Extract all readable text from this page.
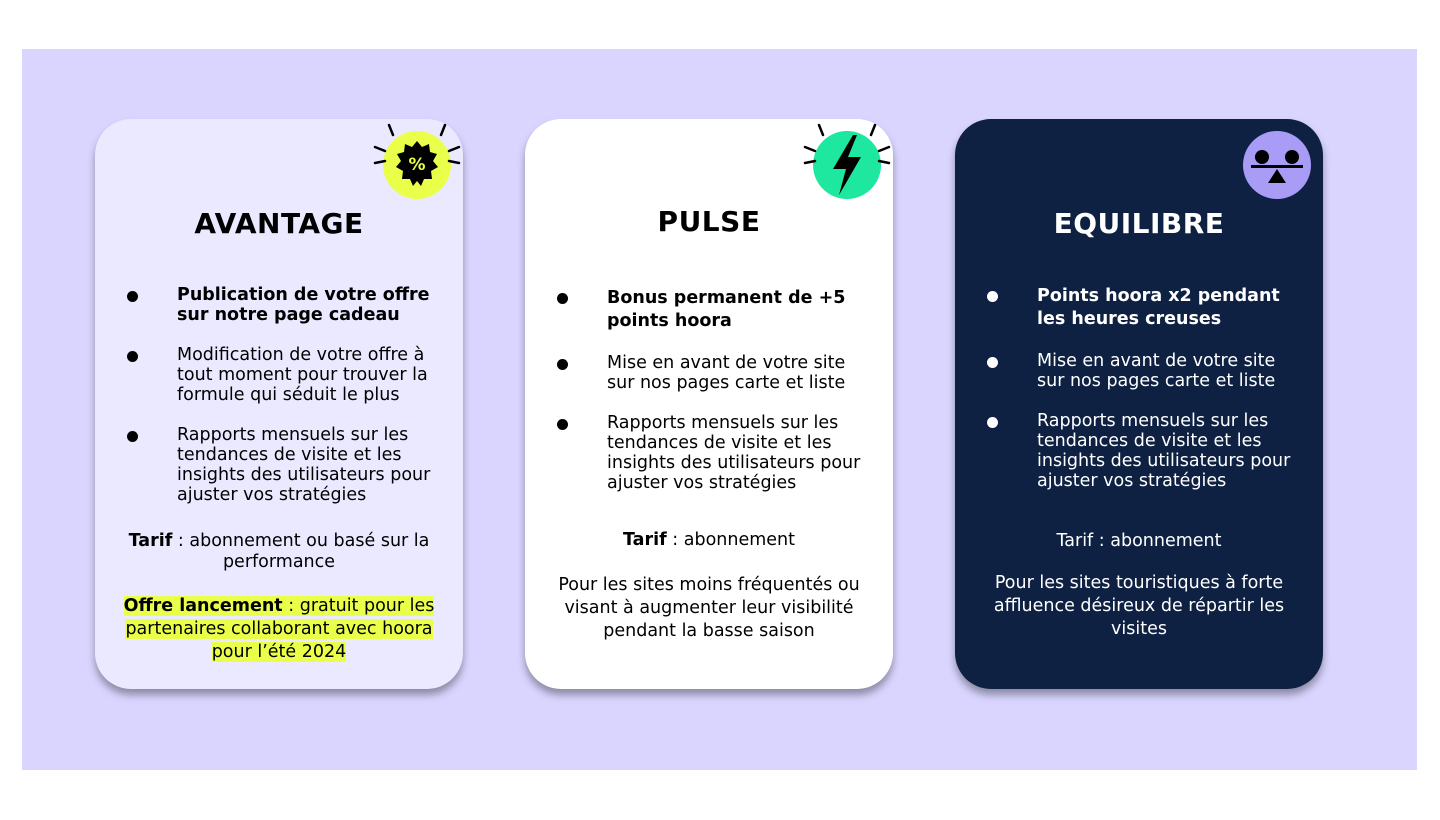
%
AVANTAGE
Publication de votre offre sur notre page cadeau
Modification de votre offre à tout moment pour trouver la formule qui séduit le plus
Rapports mensuels sur les tendances de visite et les insights des utilisateurs pour ajuster vos stratégies
Tarif : abonnement ou basé sur la performance
Offre lancement : gratuit pour les partenaires collaborant avec hoora pour l’été 2024
PULSE
Bonus permanent de +5 points hoora
Mise en avant de votre site sur nos pages carte et liste
Rapports mensuels sur les tendances de visite et les insights des utilisateurs pour ajuster vos stratégies
Tarif : abonnement
Pour les sites moins fréquentés ou visant à augmenter leur visibilité pendant la basse saison
EQUILIBRE
Points hoora x2 pendant les heures creuses
Mise en avant de votre site sur nos pages carte et liste
Rapports mensuels sur les tendances de visite et les insights des utilisateurs pour ajuster vos stratégies
Tarif : abonnement
Pour les sites touristiques à forte affluence désireux de répartir les visites
